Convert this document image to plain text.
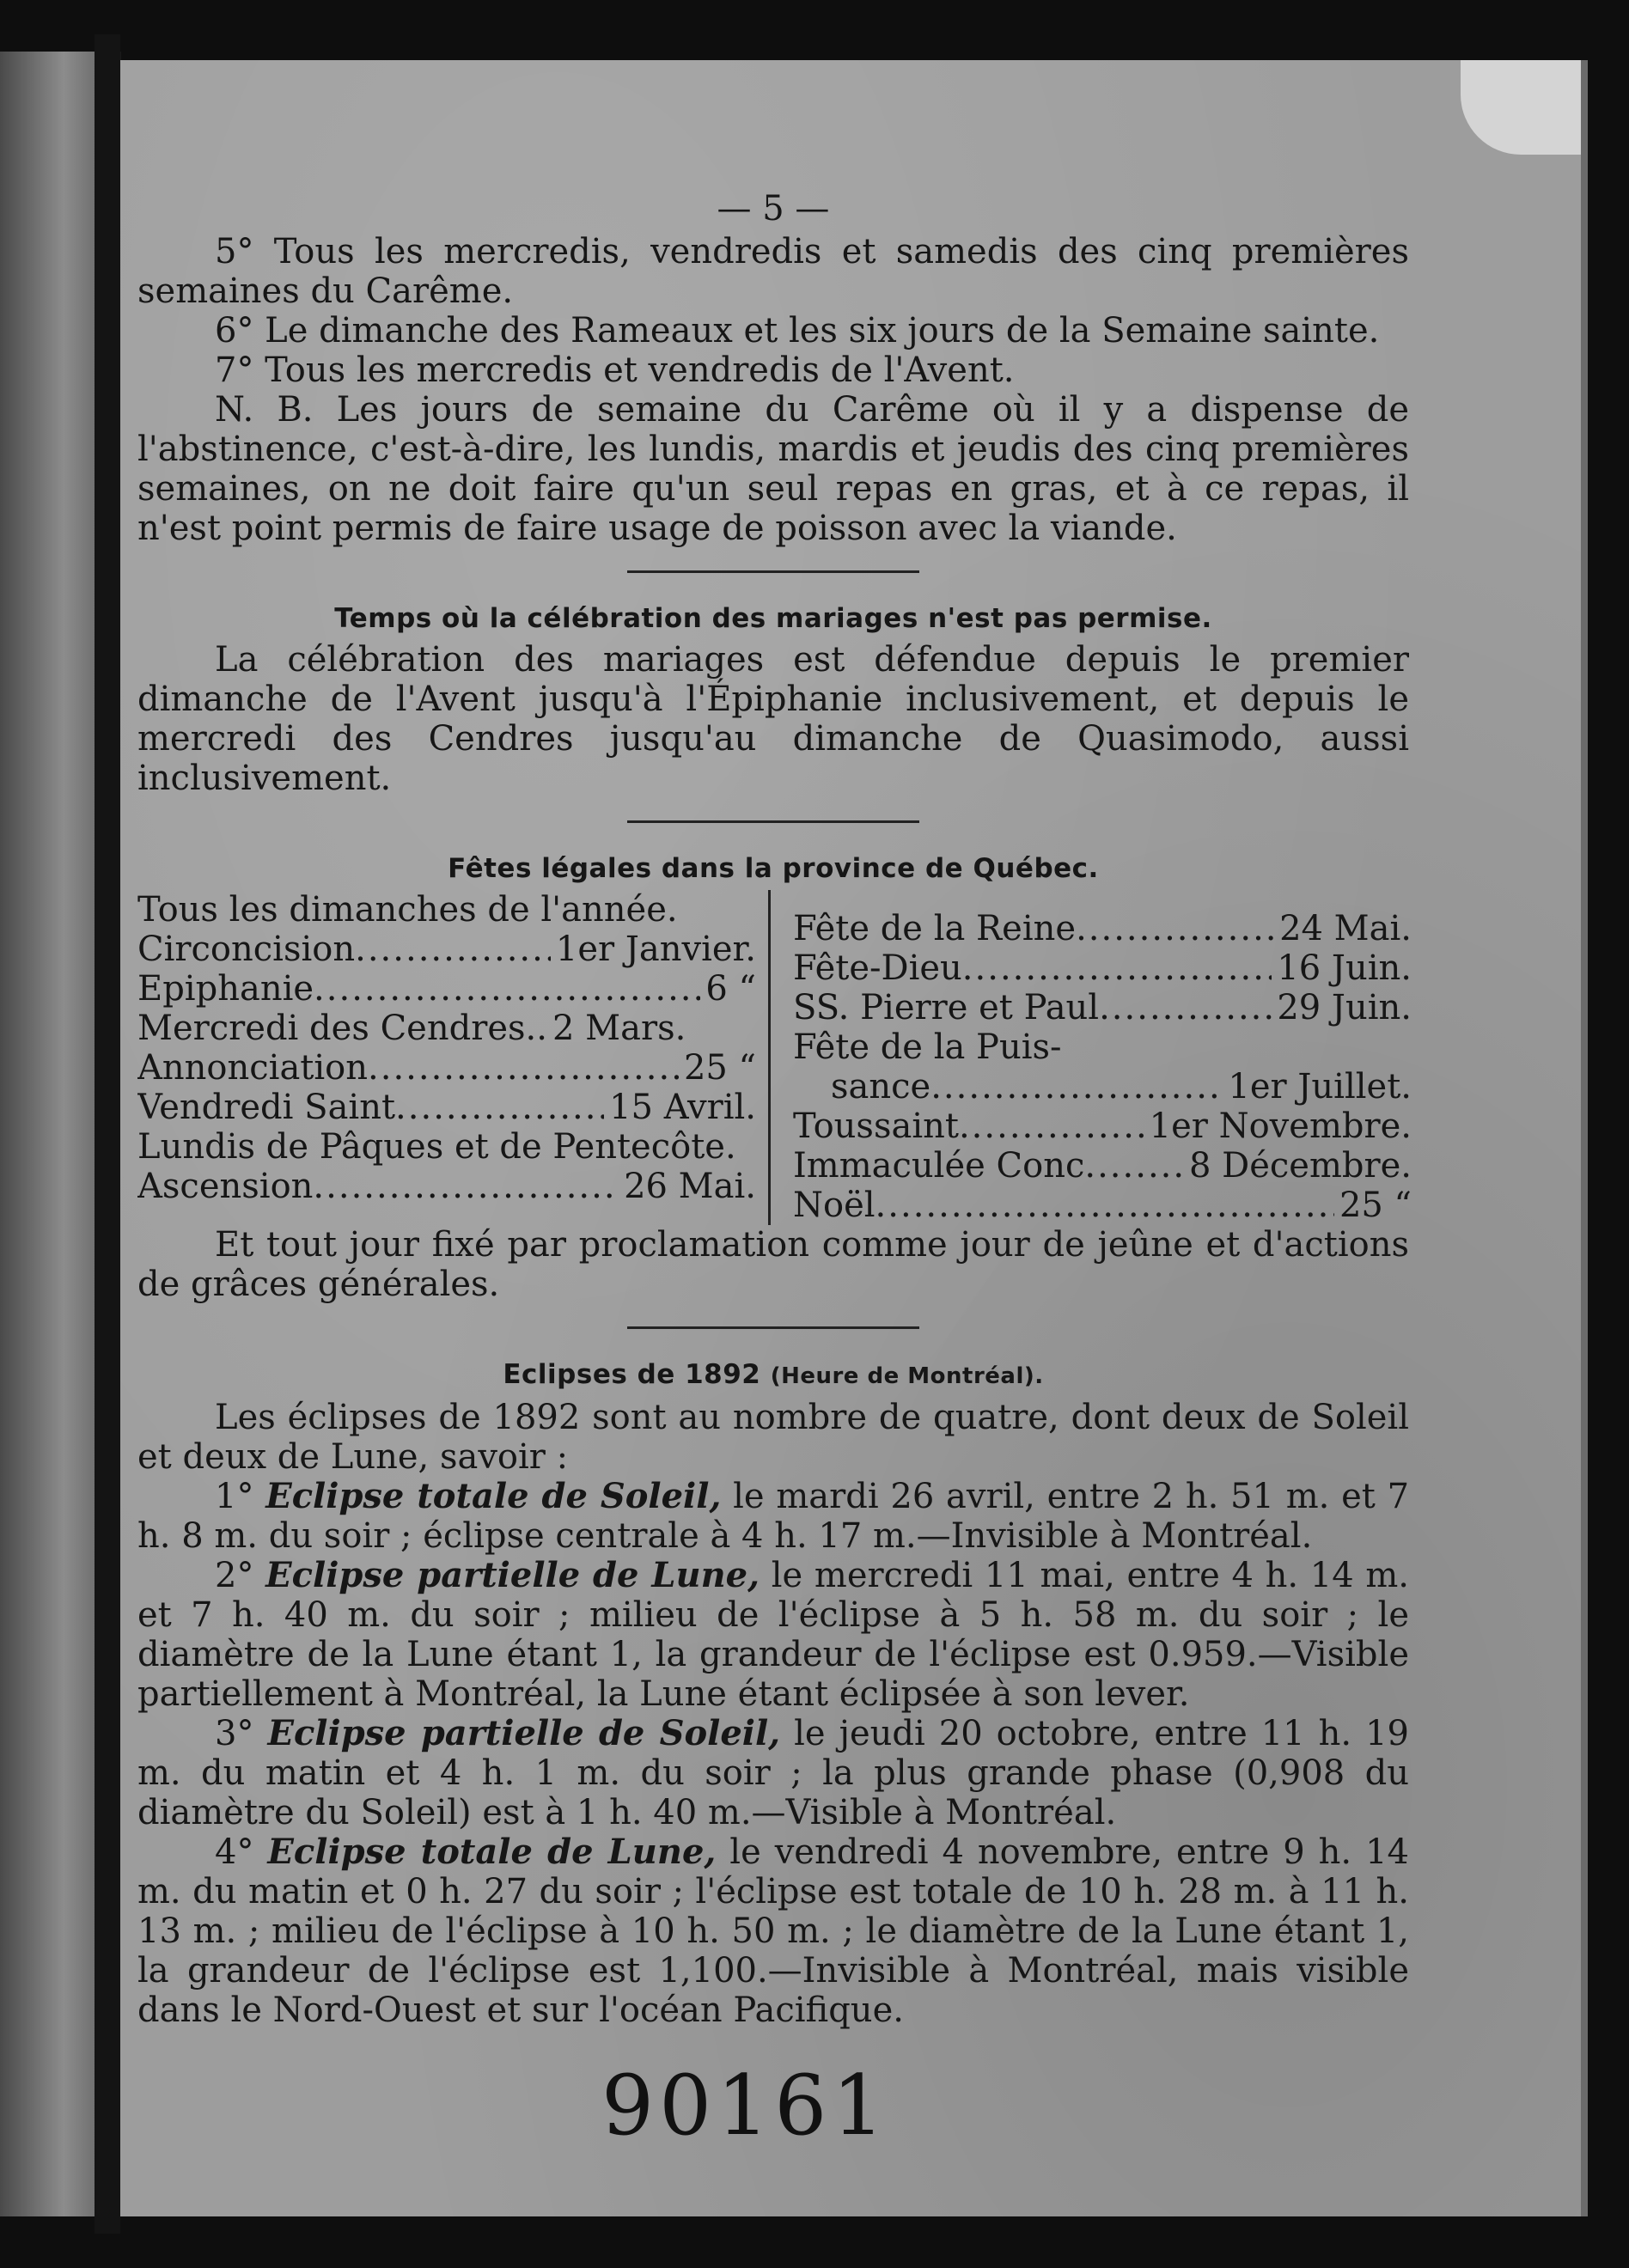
— 5 —

5° Tous les mercredis, vendredis et samedis des cinq premières semaines du Carême.

6° Le dimanche des Rameaux et les six jours de la Semaine sainte.

7° Tous les mercredis et vendredis de l'Avent.

N. B. Les jours de semaine du Carême où il y a dispense de l'abstinence, c'est-à-dire, les lundis, mardis et jeudis des cinq premières semaines, on ne doit faire qu'un seul repas en gras, et à ce repas, il n'est point permis de faire usage de poisson avec la viande.

Temps où la célébration des mariages n'est pas permise.

La célébration des mariages est défendue depuis le premier dimanche de l'Avent jusqu'à l'Épiphanie inclusivement, et depuis le mercredi des Cendres jusqu'au dimanche de Quasimodo, aussi inclusivement.

Fêtes légales dans la province de Québec.
Tous les dimanches de l'année.
Circoncision .....	1er Janvier.
Epiphanie .....	6 “
Mercredi des Cendres.. 2 Mars.
Annonciation .....	25 “
Vendredi Saint .....	15 Avril.
Lundis de Pâques et de Pentecôte.
Ascension .....	26 Mai.
Fête de la Reine .....	24 Mai.
Fête-Dieu .....	16 Juin.
SS. Pierre et Paul .....	29 Juin.
Fête de la Puis-
sance .....	1er Juillet.
Toussaint .....	1er Novembre.
Immaculée Conc .....	8 Décembre.
Noël .....	25 “

Et tout jour fixé par proclamation comme jour de jeûne et d'actions de grâces générales.

Eclipses de 1892 (Heure de Montréal).

Les éclipses de 1892 sont au nombre de quatre, dont deux de Soleil et deux de Lune, savoir :

1° Eclipse totale de Soleil, le mardi 26 avril, entre 2 h. 51 m. et 7 h. 8 m. du soir ; éclipse centrale à 4 h. 17 m.—Invisible à Montréal.

2° Eclipse partielle de Lune, le mercredi 11 mai, entre 4 h. 14 m. et 7 h. 40 m. du soir ; milieu de l'éclipse à 5 h. 58 m. du soir ; le diamètre de la Lune étant 1, la grandeur de l'éclipse est 0.959.—Visible partiellement à Montréal, la Lune étant éclipsée à son lever.

3° Eclipse partielle de Soleil, le jeudi 20 octobre, entre 11 h. 19 m. du matin et 4 h. 1 m. du soir ; la plus grande phase (0,908 du diamètre du Soleil) est à 1 h. 40 m.—Visible à Montréal.

4° Eclipse totale de Lune, le vendredi 4 novembre, entre 9 h. 14 m. du matin et 0 h. 27 du soir ; l'éclipse est totale de 10 h. 28 m. à 11 h. 13 m. ; milieu de l'éclipse à 10 h. 50 m. ; le diamètre de la Lune étant 1, la grandeur de l'éclipse est 1,100.—Invisible à Montréal, mais visible dans le Nord-Ouest et sur l'océan Pacifique.

90161
